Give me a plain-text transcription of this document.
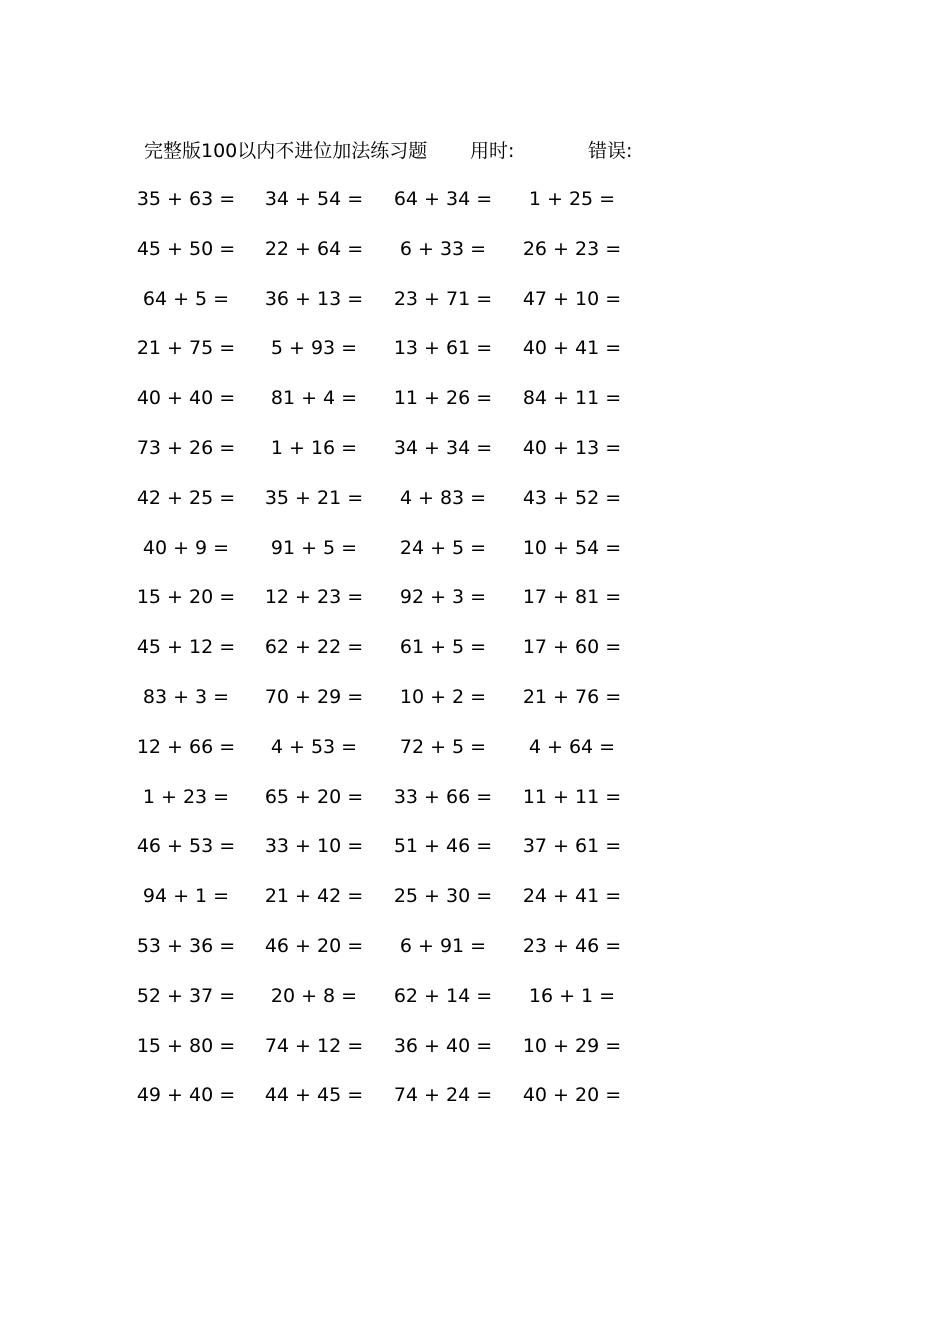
完整版100以内不进位加法练习题 用时:	错误:
35 + 63 =	34 + 54 =	64 + 34 =	1 + 25 =
45 + 50 =	22 + 64 =	6 + 33 =	26 + 23 =
64 + 5 =	36 + 13 =	23 + 71 =	47 + 10 =
21 + 75 =	5 + 93 =	13 + 61 =	40 + 41 =
40 + 40 =	81 + 4 =	11 + 26 =	84 + 11 =
73 + 26 =	1 + 16 =	34 + 34 =	40 + 13 =
42 + 25 =	35 + 21 =	4 + 83 =	43 + 52 =
40 + 9 =	91 + 5 =	24 + 5 =	10 + 54 =
15 + 20 =	12 + 23 =	92 + 3 =	17 + 81 =
45 + 12 =	62 + 22 =	61 + 5 =	17 + 60 =
83 + 3 =	70 + 29 =	10 + 2 =	21 + 76 =
12 + 66 =	4 + 53 =	72 + 5 =	4 + 64 =
1 + 23 =	65 + 20 =	33 + 66 =	11 + 11 =
46 + 53 =	33 + 10 =	51 + 46 =	37 + 61 =
94 + 1 =	21 + 42 =	25 + 30 =	24 + 41 =
53 + 36 =	46 + 20 =	6 + 91 =	23 + 46 =
52 + 37 =	20 + 8 =	62 + 14 =	16 + 1 =
15 + 80 =	74 + 12 =	36 + 40 =	10 + 29 =
49 + 40 =	44 + 45 =	74 + 24 =	40 + 20 =
